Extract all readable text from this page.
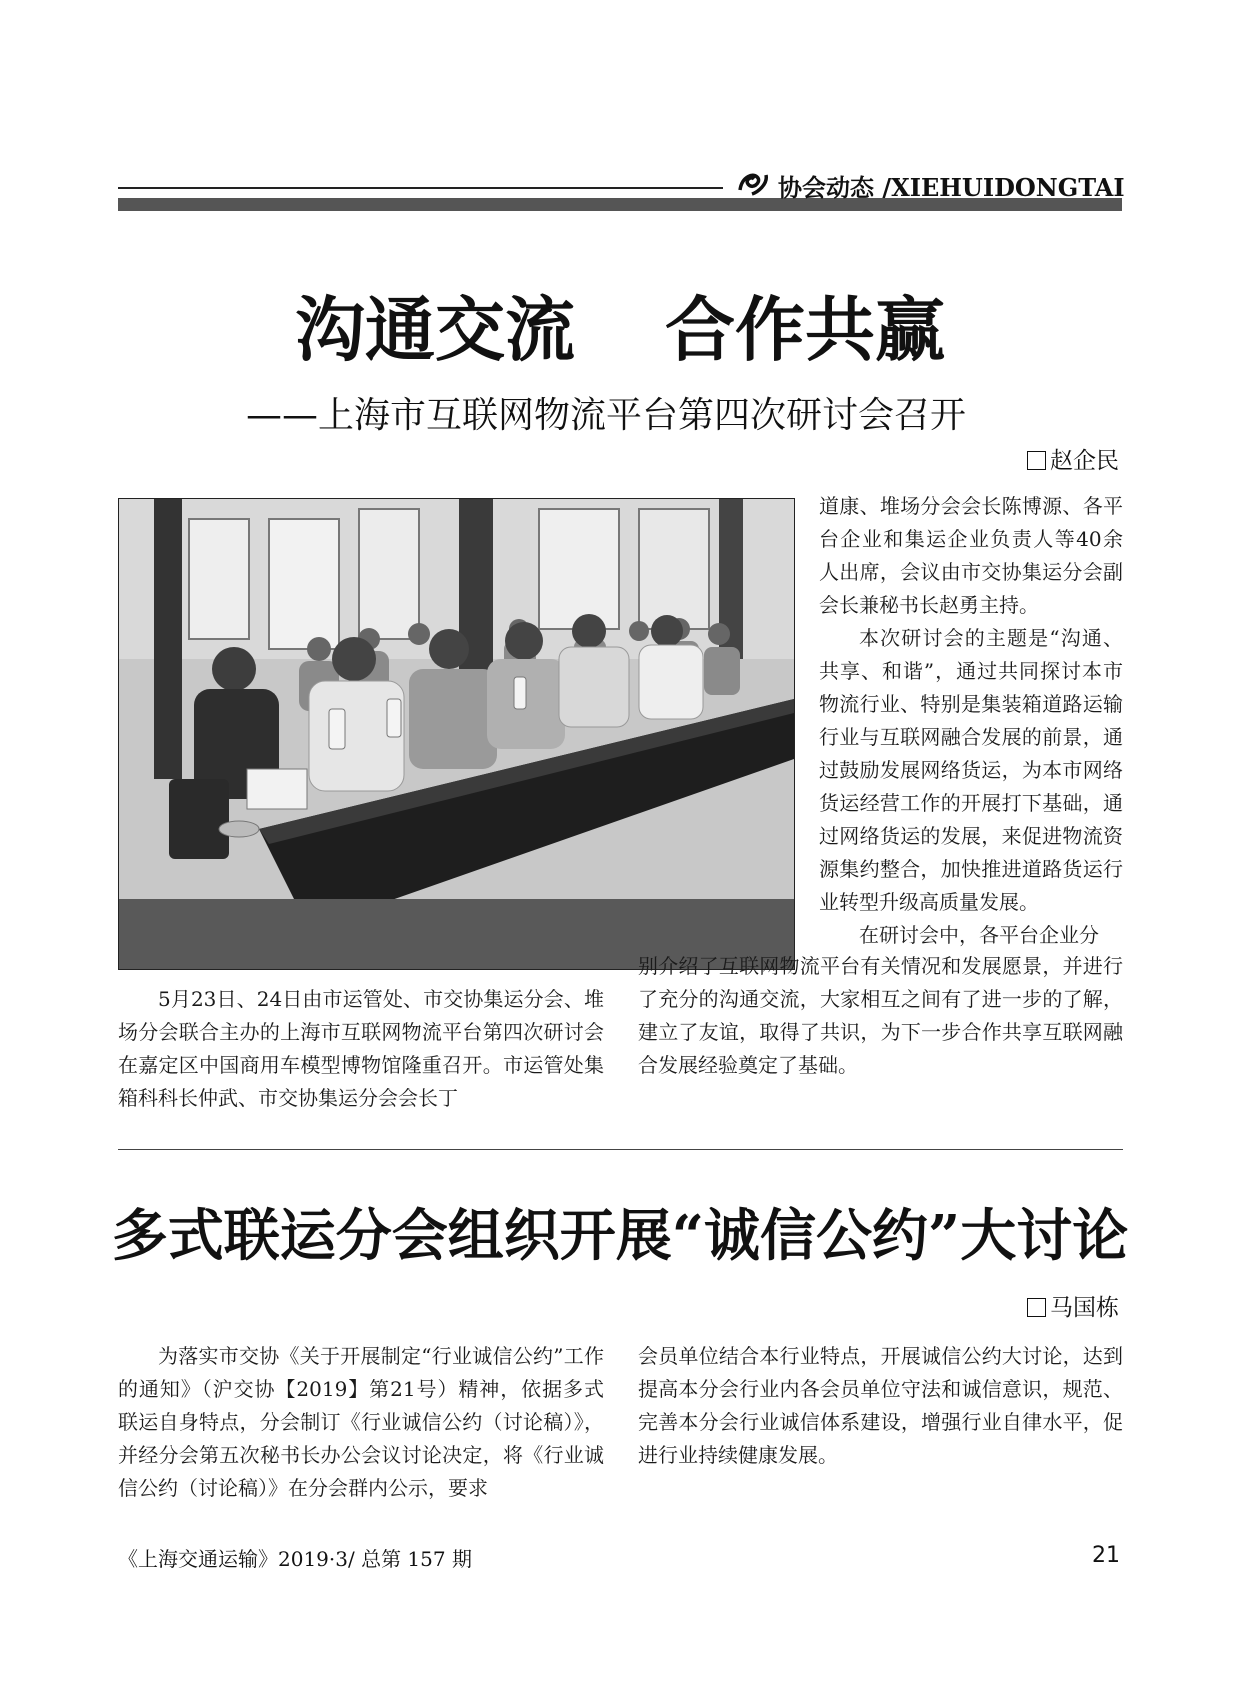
协会动态 /XIEHUIDONGTAI
沟通交流 合作共赢
——上海市互联网物流平台第四次研讨会召开
赵企民

道康、堆场分会会长陈博源、各平台企业和集运企业负责人等40余人出席，会议由市交协集运分会副会长兼秘书长赵勇主持。

本次研讨会的主题是“沟通、共享、和谐”，通过共同探讨本市物流行业、特别是集装箱道路运输行业与互联网融合发展的前景，通过鼓励发展网络货运，为本市网络货运经营工作的开展打下基础，通过网络货运的发展，来促进物流资源集约整合，加快推进道路货运行业转型升级高质量发展。

在研讨会中，各平台企业分

5月23日、24日由市运管处、市交协集运分会、堆场分会联合主办的上海市互联网物流平台第四次研讨会在嘉定区中国商用车模型博物馆隆重召开。市运管处集箱科科长仲武、市交协集运分会会长丁

别介绍了互联网物流平台有关情况和发展愿景，并进行了充分的沟通交流，大家相互之间有了进一步的了解，建立了友谊，取得了共识，为下一步合作共享互联网融合发展经验奠定了基础。

多式联运分会组织开展“诚信公约”大讨论
马国栋

为落实市交协《关于开展制定“行业诚信公约”工作的通知》（沪交协【2019】第21号）精神，依据多式联运自身特点，分会制订《行业诚信公约（讨论稿）》，并经分会第五次秘书长办公会议讨论决定，将《行业诚信公约（讨论稿）》在分会群内公示，要求

会员单位结合本行业特点，开展诚信公约大讨论，达到提高本分会行业内各会员单位守法和诚信意识，规范、完善本分会行业诚信体系建设，增强行业自律水平，促进行业持续健康发展。

《上海交通运输》2019·3/ 总第 157 期	21
